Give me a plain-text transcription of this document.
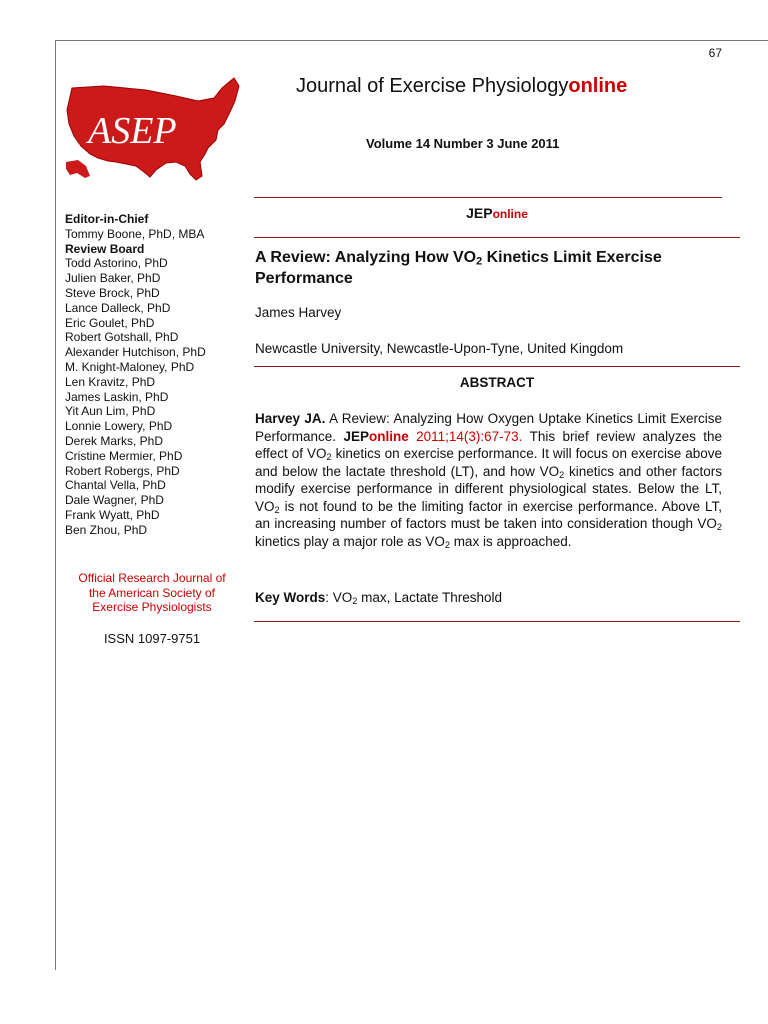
67
ASEP
Journal of Exercise Physiologyonline
Volume 14 Number 3 June 2011
Editor-in-Chief
Tommy Boone, PhD, MBA
Review Board
Todd Astorino, PhD
Julien Baker, PhD
Steve Brock, PhD
Lance Dalleck, PhD
Eric Goulet, PhD
Robert Gotshall, PhD
Alexander Hutchison, PhD
M. Knight-Maloney, PhD
Len Kravitz, PhD
James Laskin, PhD
Yit Aun Lim, PhD
Lonnie Lowery, PhD
Derek Marks, PhD
Cristine Mermier, PhD
Robert Robergs, PhD
Chantal Vella, PhD
Dale Wagner, PhD
Frank Wyatt, PhD
Ben Zhou, PhD
Official Research Journal of
the American Society of
Exercise Physiologists
ISSN 1097-9751
JEPonline
A Review: Analyzing How $VO_2$ Kinetics Limit Exercise Performance
James Harvey
Newcastle University, Newcastle-Upon-Tyne, United Kingdom
ABSTRACT
Harvey JA. A Review: Analyzing How Oxygen Uptake Kinetics Limit Exercise Performance. JEPonline 2011;14(3):67-73. This brief review analyzes the effect of $VO_2$ kinetics on exercise performance. It will focus on exercise above and below the lactate threshold (LT), and how $VO_2$ kinetics and other factors modify exercise performance in different physiological states. Below the LT, $VO_2$ is not found to be the limiting factor in exercise performance. Above LT, an increasing number of factors must be taken into consideration though $VO_2$ kinetics play a major role as $VO_2$ max is approached.
Key Words: $VO_2$ max, Lactate Threshold
